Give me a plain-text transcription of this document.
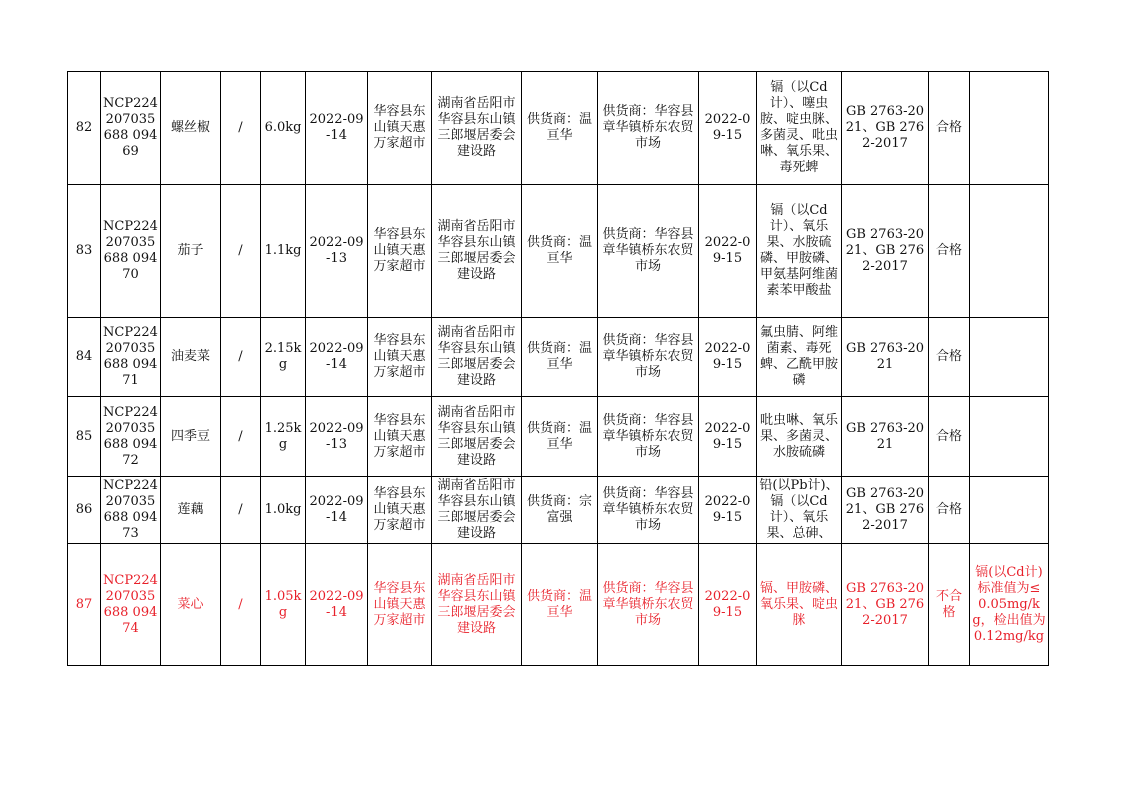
82	NCP224207035688 09469	螺丝椒	/	6.0kg	2022-09-14	华容县东山镇天惠万家超市	湖南省岳阳市华容县东山镇三郎堰居委会建设路	供货商：温亘华	供货商：华容县章华镇桥东农贸市场	2022-09-15	镉（以Cd计）、噻虫胺、啶虫脒、多菌灵、吡虫啉、氧乐果、毒死蜱	GB 2763-2021、GB 2762-2017	合格	
83	NCP224207035688 09470	茄子	/	1.1kg	2022-09-13	华容县东山镇天惠万家超市	湖南省岳阳市华容县东山镇三郎堰居委会建设路	供货商：温亘华	供货商：华容县章华镇桥东农贸市场	2022-09-15	镉（以Cd计）、氧乐果、水胺硫磷、甲胺磷、甲氨基阿维菌素苯甲酸盐	GB 2763-2021、GB 2762-2017	合格	
84	NCP224207035688 09471	油麦菜	/	2.15kg	2022-09-14	华容县东山镇天惠万家超市	湖南省岳阳市华容县东山镇三郎堰居委会建设路	供货商：温亘华	供货商：华容县章华镇桥东农贸市场	2022-09-15	氟虫腈、阿维菌素、毒死蜱、乙酰甲胺磷	GB 2763-2021	合格	
85	NCP224207035688 09472	四季豆	/	1.25kg	2022-09-13	华容县东山镇天惠万家超市	湖南省岳阳市华容县东山镇三郎堰居委会建设路	供货商：温亘华	供货商：华容县章华镇桥东农贸市场	2022-09-15	吡虫啉、氧乐果、多菌灵、水胺硫磷	GB 2763-2021	合格	
86	NCP224207035688 09473	莲藕	/	1.0kg	2022-09-14	华容县东山镇天惠万家超市	湖南省岳阳市华容县东山镇三郎堰居委会建设路	供货商：宗富强	供货商：华容县章华镇桥东农贸市场	2022-09-15	铅(以Pb计)、镉（以Cd计）、氧乐果、总砷、	GB 2763-2021、GB 2762-2017	合格	
87	NCP224207035688 09474	菜心	/	1.05kg	2022-09-14	华容县东山镇天惠万家超市	湖南省岳阳市华容县东山镇三郎堰居委会建设路	供货商：温亘华	供货商：华容县章华镇桥东农贸市场	2022-09-15	镉、甲胺磷、氧乐果、啶虫脒	GB 2763-2021、GB 2762-2017	不合格	镉(以Cd计)标准值为≤0.05mg/kg，检出值为0.12mg/kg
